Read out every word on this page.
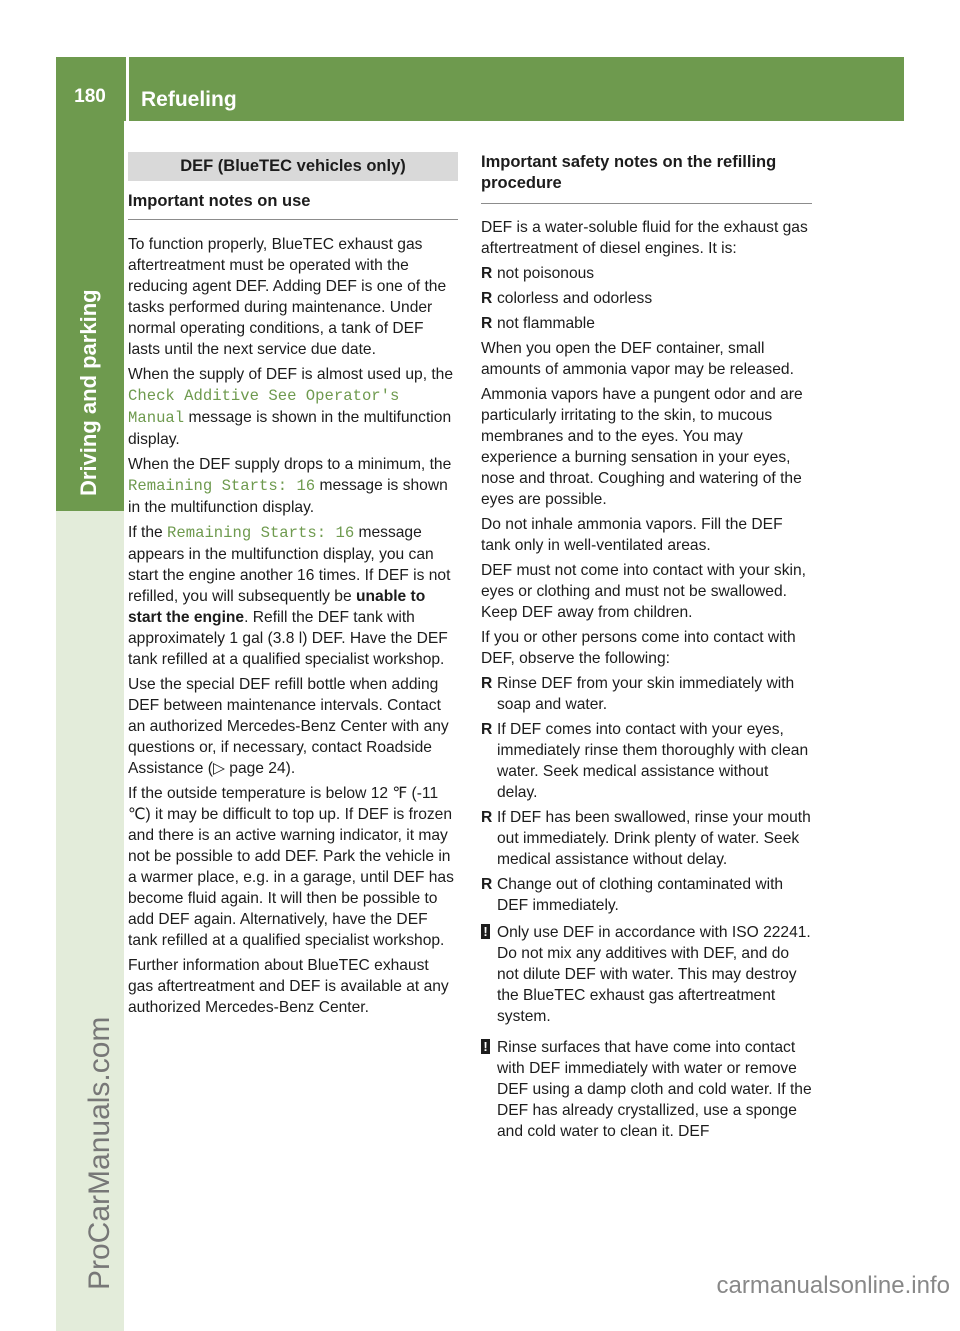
180	Refueling
Driving and parking
ProCarManuals.com	carmanualsonline.info
DEF (BlueTEC vehicles only)
Important notes on use

To function properly, BlueTEC exhaust gas aftertreatment must be operated with the reducing agent DEF. Adding DEF is one of the tasks performed during maintenance. Under normal operating conditions, a tank of DEF lasts until the next service due date.

When the supply of DEF is almost used up, the Check Additive See Operator's Manual message is shown in the multifunction display.

When the DEF supply drops to a minimum, the Remaining Starts: 16 message is shown in the multifunction display.

If the Remaining Starts: 16 message appears in the multifunction display, you can start the engine another 16 times. If DEF is not refilled, you will subsequently be unable to start the engine. Refill the DEF tank with approximately 1 gal (3.8 l) DEF. Have the DEF tank refilled at a qualified specialist workshop.

Use the special DEF refill bottle when adding DEF between maintenance intervals. Contact an authorized Mercedes-Benz Center with any questions or, if necessary, contact Roadside Assistance (▷ page 24).

If the outside temperature is below 12 ℉ (‑11 ℃) it may be difficult to top up. If DEF is frozen and there is an active warning indicator, it may not be possible to add DEF. Park the vehicle in a warmer place, e.g. in a garage, until DEF has become fluid again. It will then be possible to add DEF again. Alternatively, have the DEF tank refilled at a qualified specialist workshop.

Further information about BlueTEC exhaust gas aftertreatment and DEF is available at any authorized Mercedes-Benz Center.

Important safety notes on the refilling procedure

DEF is a water-soluble fluid for the exhaust gas aftertreatment of diesel engines. It is:

R not poisonous
R colorless and odorless
R not flammable

When you open the DEF container, small amounts of ammonia vapor may be released.

Ammonia vapors have a pungent odor and are particularly irritating to the skin, to mucous membranes and to the eyes. You may experience a burning sensation in your eyes, nose and throat. Coughing and watering of the eyes are possible.

Do not inhale ammonia vapors. Fill the DEF tank only in well-ventilated areas.

DEF must not come into contact with your skin, eyes or clothing and must not be swallowed. Keep DEF away from children.

If you or other persons come into contact with DEF, observe the following:

R Rinse DEF from your skin immediately with soap and water.
R If DEF comes into contact with your eyes, immediately rinse them thoroughly with clean water. Seek medical assistance without delay.
R If DEF has been swallowed, rinse your mouth out immediately. Drink plenty of water. Seek medical assistance without delay.
R Change out of clothing contaminated with DEF immediately.
! Only use DEF in accordance with ISO 22241. Do not mix any additives with DEF, and do not dilute DEF with water. This may destroy the BlueTEC exhaust gas aftertreatment system.
! Rinse surfaces that have come into contact with DEF immediately with water or remove DEF using a damp cloth and cold water. If the DEF has already crystallized, use a sponge and cold water to clean it. DEF
